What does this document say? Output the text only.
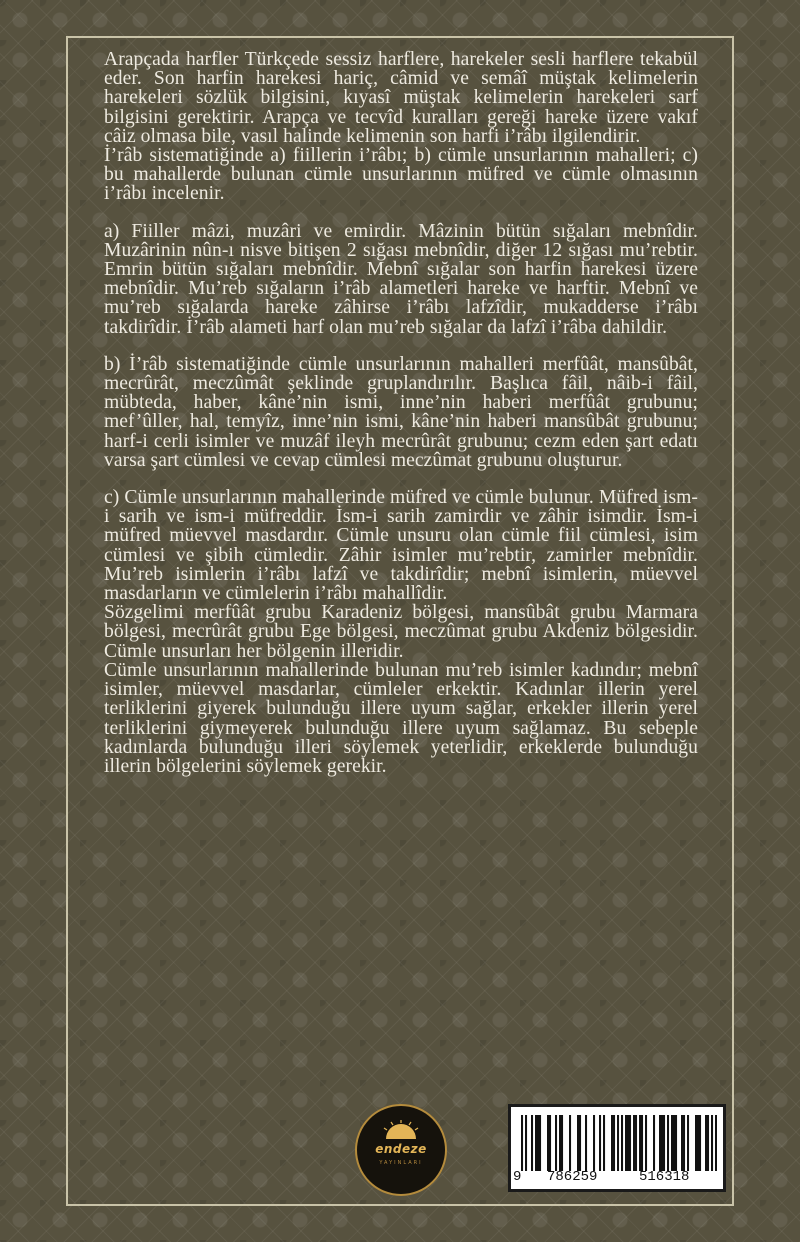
Arapçada harfler Türkçede sessiz harflere, harekeler sesli harflere tekabül eder. Son harfin harekesi hariç, câmid ve semâî müştak kelimelerin harekeleri sözlük bilgisini, kıyasî müştak kelimelerin harekeleri sarf bilgisini gerektirir. Arapça ve tecvîd kuralları gereği hareke üzere vakıf câiz olmasa bile, vasıl halinde kelimenin son harfi i’râbı ilgilendirir.

İ’râb sistematiğinde a) fiillerin i’râbı; b) cümle unsurlarının mahalleri; c) bu mahallerde bulunan cümle unsurlarının müfred ve cümle olmasının i’râbı incelenir.

a) Fiiller mâzi, muzâri ve emirdir. Mâzinin bütün sığaları mebnîdir. Muzârinin nûn-ı nisve bitişen 2 sığası mebnîdir, diğer 12 sığası mu’rebtir. Emrin bütün sığaları mebnîdir. Mebnî sığalar son harfin harekesi üzere mebnîdir. Mu’reb sığaların i’râb alametleri hareke ve harftir. Mebnî ve mu’reb sığalarda hareke zâhirse i’râbı lafzîdir, mukadderse i’râbı takdirîdir. İ’râb alameti harf olan mu’reb sığalar da lafzî i’râba dahildir.

b) İ’râb sistematiğinde cümle unsurlarının mahalleri merfûât, mansûbât, mecrûrât, meczûmât şeklinde gruplandırılır. Başlıca fâil, nâib-i fâil, mübteda, haber, kâne’nin ismi, inne’nin haberi merfûât grubunu; mef’ûller, hal, temyîz, inne’nin ismi, kâne’nin haberi mansûbât grubunu; harf-i cerli isimler ve muzâf ileyh mecrûrât grubunu; cezm eden şart edatı varsa şart cümlesi ve cevap cümlesi meczûmat grubunu oluşturur.

c) Cümle unsurlarının mahallerinde müfred ve cümle bulunur. Müfred ism-i sarih ve ism-i müfreddir. İsm-i sarih zamirdir ve zâhir isimdir. İsm-i müfred müevvel masdardır. Cümle unsuru olan cümle fiil cümlesi, isim cümlesi ve şibih cümledir. Zâhir isimler mu’rebtir, zamirler mebnîdir. Mu’reb isimlerin i’râbı lafzî ve takdirîdir; mebnî isimlerin, müevvel masdarların ve cümlelerin i’râbı mahallîdir.

Sözgelimi merfûât grubu Karadeniz bölgesi, mansûbât grubu Marmara bölgesi, mecrûrât grubu Ege bölgesi, meczûmat grubu Akdeniz bölgesidir. Cümle unsurları her bölgenin illeridir.

Cümle unsurlarının mahallerinde bulunan mu’reb isimler kadındır; mebnî isimler, müevvel masdarlar, cümleler erkektir. Kadınlar illerin yerel terliklerini giyerek bulunduğu illere uyum sağlar, erkekler illerin yerel terliklerini giymeyerek bulunduğu illere uyum sağlamaz. Bu sebeple kadınlarda bulunduğu illeri söylemek yeterlidir, erkeklerde bulunduğu illerin bölgelerini söylemek gerekir.

endeze
YAYINLARI
9 786259	516318
